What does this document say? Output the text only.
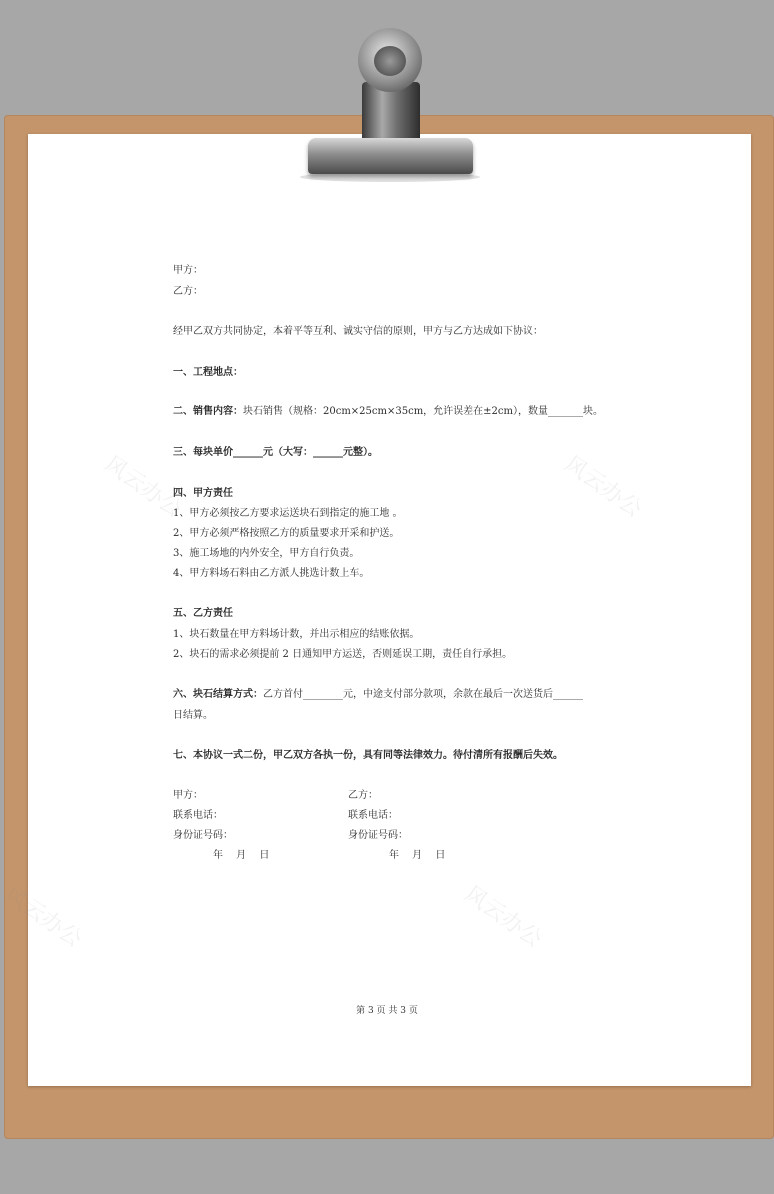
风云办公	风云办公
风云办公	风云办公
甲方：
乙方：
经甲乙双方共同协定，本着平等互利、诚实守信的原则，甲方与乙方达成如下协议：
一、工程地点：
二、销售内容：块石销售（规格：20cm×25cm×35cm，允许误差在±2cm），数量_______块。
三、每块单价______元（大写：______元整）。
四、甲方责任
1、甲方必须按乙方要求运送块石到指定的施工地 。
2、甲方必须严格按照乙方的质量要求开采和护送。
3、施工场地的内外安全，甲方自行负责。
4、甲方料场石料由乙方派人挑选计数上车。
五、乙方责任
1、块石数量在甲方料场计数，并出示相应的结账依据。
2、块石的需求必须提前 2 日通知甲方运送，否则延误工期，责任自行承担。
六、块石结算方式：乙方首付________元，中途支付部分款项，余款在最后一次送货后______
日结算。
七、本协议一式二份，甲乙双方各执一份，具有同等法律效力。待付清所有报酬后失效。
甲方：
联系电话：
身份证号码：
年　 月　 日
乙方：
联系电话：
身份证号码：
年　 月　 日
第 3 页 共 3 页
